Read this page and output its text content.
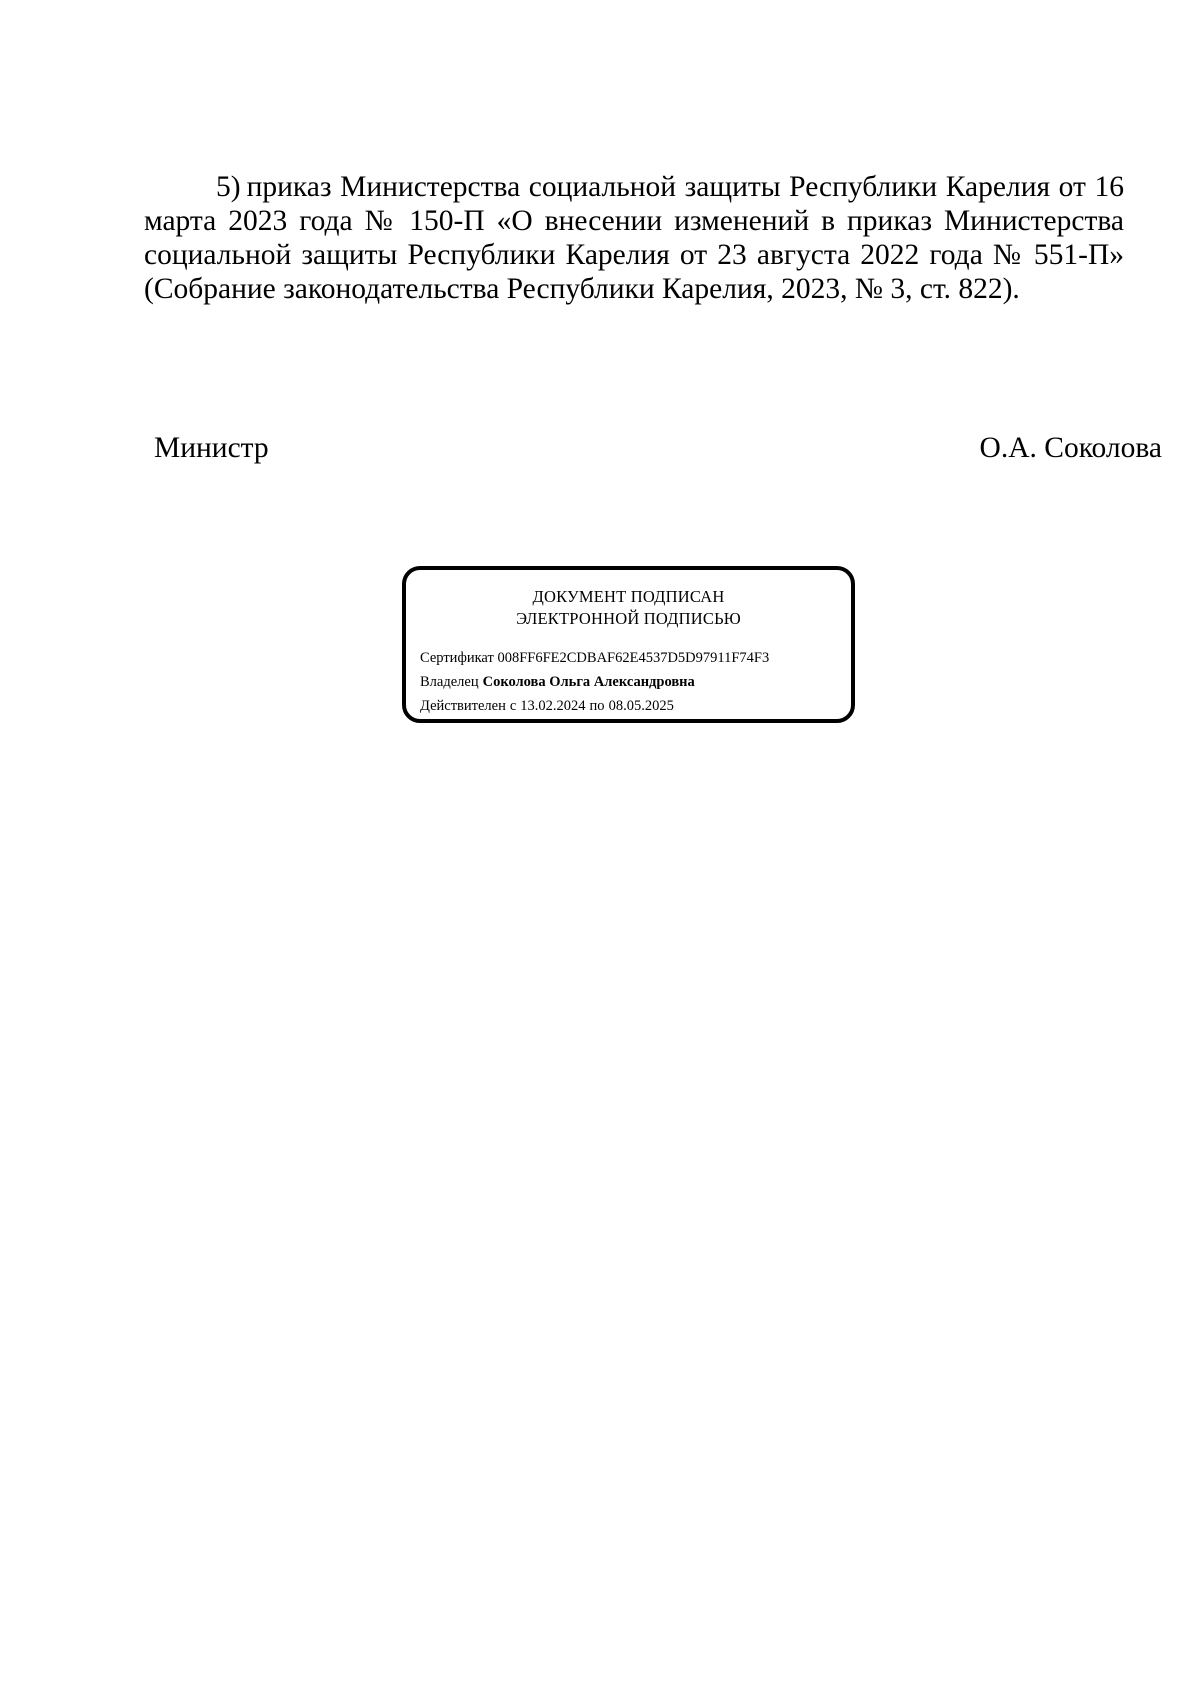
5) приказ Министерства социальной защиты Республики Карелия от 16 марта 2023 года № 150-П «О внесении изменений в приказ Министерства социальной защиты Республики Карелия от 23 августа 2022 года № 551-П» (Собрание законодательства Республики Карелия, 2023, № 3, ст. 822).

Министр	О.А. Соколова
ДОКУМЕНТ ПОДПИСАН
ЭЛЕКТРОННОЙ ПОДПИСЬЮ
Сертификат 008FF6FE2CDBAF62E4537D5D97911F74F3
Владелец Соколова Ольга Александровна
Действителен с 13.02.2024 по 08.05.2025
